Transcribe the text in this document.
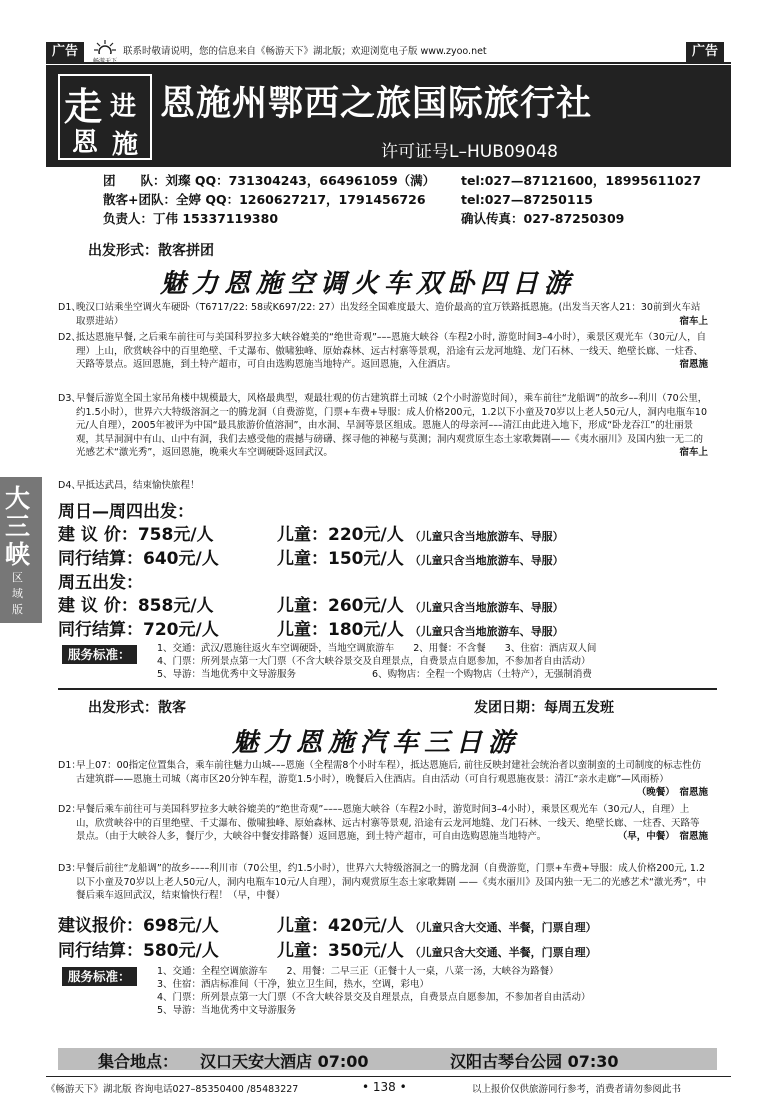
广告	联系时敬请说明，您的信息来自《畅游天下》湖北版；欢迎浏览电子版 www.zyoo.net	广告
走 进
恩 施
恩施州鄂西之旅国际旅行社
许可证号L–HUB09048
团　　队：刘璨 QQ：731304243，664961059（满） tel:027—87121600，18995611027
散客+团队：全婷 QQ：1260627217，1791456726	tel:027—87250115
负责人：丁伟 15337119380	确认传真：027-87250309
出发形式：散客拼团
魅力恩施空调火车双卧四日游
D1、
晚汉口站乘坐空调火车硬卧（T6717/22: 58或K697/22: 27）出发经全国难度最大、造价最高的宜万铁路抵恩施。(出发当天客人21：30前到火车站取票进站）	宿车上
D2、
抵达恩施早餐, 之后乘车前往可与美国科罗拉多大峡谷媲美的“绝世奇观”–––恩施大峡谷（车程2小时, 游览时间3–4小时），乘景区观光车（30元/人，自理）上山，欣赏峡谷中的百里绝壁、千丈瀑布、傲啸独峰、原始森林、远古村寨等景观，沿途有云龙河地缝、龙门石林、一线天、绝壁长廊、一炷香、天路等景点。返回恩施，到土特产超市，可自由选购恩施当地特产。返回恩施，入住酒店。	宿恩施
D3、
早餐后游览全国土家吊角楼中规模最大，风格最典型，观最壮观的仿古建筑群土司城（2个小时游览时间），乘车前往“龙船调”的故乡––利川（70公里，约1.5小时），世界六大特级溶洞之一的腾龙洞（自费游览，门票+车费+导服：成人价格200元，1.2以下小童及70岁以上老人50元/人，洞内电瓶车10元/人自理），2005年被评为中国“最具旅游价值溶洞”，由水洞、旱洞等景区组成。恩施人的母亲河–––清江由此进入地下，形成“卧龙吞江”的壮丽景观，其旱洞洞中有山、山中有洞，我们去感受他的震撼与磅礴、探寻他的神秘与莫测；洞内观赏原生态土家歌舞剧——《夷水丽川》及国内独一无二的光感艺术“激光秀”，返回恩施，晚乘火车空调硬卧返回武汉。	宿车上
D4、
早抵达武昌，结束愉快旅程！
周日—周四出发：
建 议 价：758元/人	儿童：220元/人 （儿童只含当地旅游车、导服）
同行结算：640元/人	儿童：150元/人 （儿童只含当地旅游车、导服）
周五出发：
建 议 价：858元/人	儿童：260元/人 （儿童只含当地旅游车、导服）
同行结算：720元/人	儿童：180元/人 （儿童只含当地旅游车、导服）
服务标准：	1、交通：武汉/恩施往返火车空调硬卧，当地空调旅游车　　2、用餐：不含餐　　3、住宿：酒店双人间
4、门票：所列景点第一大门票（不含大峡谷景交及自理景点，自费景点自愿参加，不参加者自由活动）
5、导游：当地优秀中文导游服务　　　　　　　　6、购物店：全程一个购物店（土特产），无强制消费
出发形式：散客	发团日期：每周五发班
魅力恩施汽车三日游
D1：
早上07：00指定位置集合，乘车前往魅力山城–––恩施（全程需8个小时车程），抵达恩施后, 前往反映封建社会统治者以蛮制蛮的土司制度的标志性仿古建筑群——恩施土司城（离市区20分钟车程，游览1.5小时），晚餐后入住酒店。自由活动（可自行观恩施夜景：清江“亲水走廊”—风雨桥）
（晚餐）　宿恩施
D2：
早餐后乘车前往可与美国科罗拉多大峡谷媲美的“绝世奇观”––––恩施大峡谷（车程2小时，游览时间3–4小时），乘景区观光车（30元/人，自理）上山，欣赏峡谷中的百里绝壁、千丈瀑布、傲啸独峰、原始森林、远古村寨等景观, 沿途有云龙河地缝、龙门石林、一线天、绝壁长廊、一炷香、天路等景点。（由于大峡谷人多，餐厅少，大峡谷中餐安排路餐）返回恩施，到土特产超市，可自由选购恩施当地特产。	（早，中餐）　宿恩施
D3：
早餐后前往“龙船调”的故乡––––利川市（70公里，约1.5小时），世界六大特级溶洞之一的腾龙洞（自费游览，门票+车费+导服：成人价格200元, 1.2以下小童及70岁以上老人50元/人，洞内电瓶车10元/人自理），洞内观赏原生态土家歌舞剧 ——《夷水丽川》及国内独一无二的光感艺术“激光秀”，中餐后乘车返回武汉，结束愉快行程！（早，中餐）
建议报价：698元/人	儿童：420元/人 （儿童只含大交通、半餐，门票自理）
同行结算：580元/人	儿童：350元/人 （儿童只含大交通、半餐，门票自理）
服务标准：	1、交通：全程空调旅游车　　2、用餐：二早三正（正餐十人一桌，八菜一汤，大峡谷为路餐）
3、住宿：酒店标准间（干净，独立卫生间，热水，空调，彩电）
4、门票：所列景点第一大门票（不含大峡谷景交及自理景点，自费景点自愿参加，不参加者自由活动）
5、导游：当地优秀中文导游服务
集合地点： 汉口天安大酒店 07:00	汉阳古琴台公园 07:30
大
三
峡
区
域
版
《畅游天下》湖北版 咨询电话027–85350400 /85483227	• 138 •	以上报价仅供旅游同行参考，消费者请勿参阅此书
